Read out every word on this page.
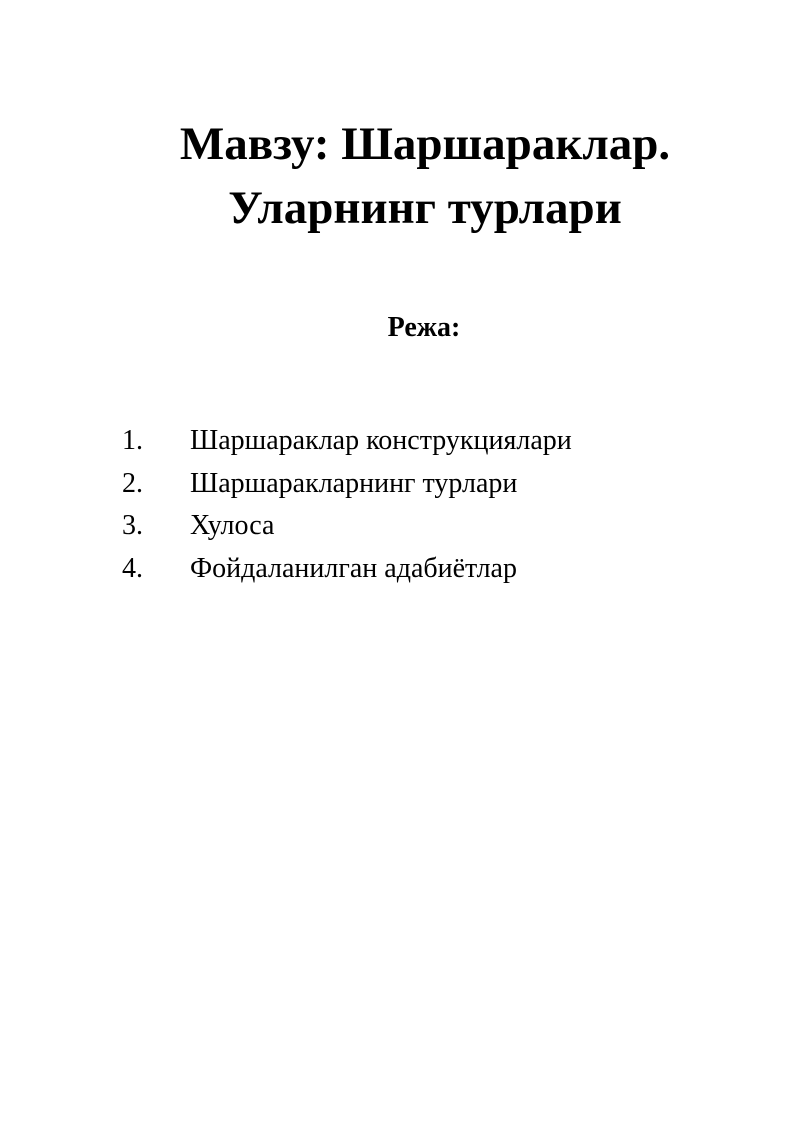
Мавзу: Шаршараклар.
Уларнинг турлари
Режа:
1.	Шаршараклар конструкциялари
2.	Шаршаракларнинг турлари
3.	Хулоса
4.	Фойдаланилган адабиётлар
